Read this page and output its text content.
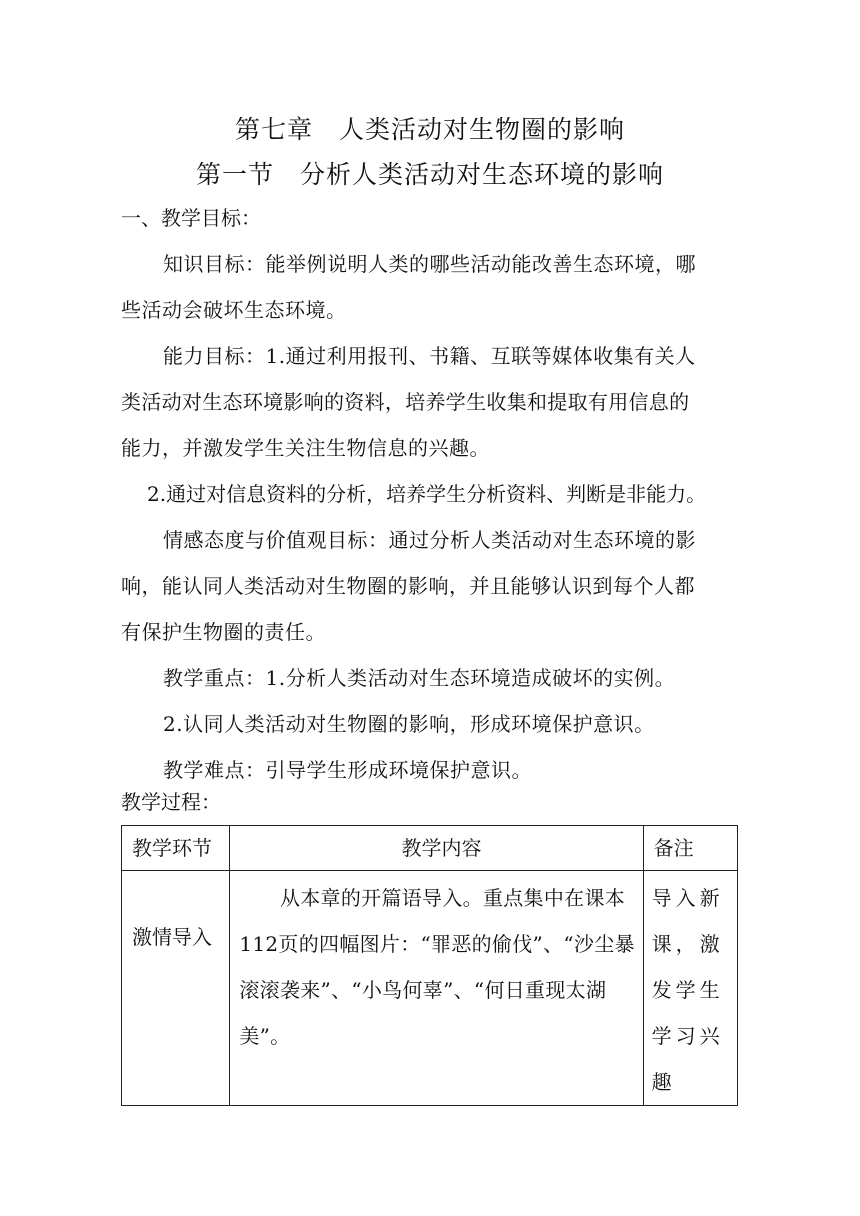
第七章　人类活动对生物圈的影响
第一节　分析人类活动对生态环境的影响
一、教学目标：
知识目标：能举例说明人类的哪些活动能改善生态环境，哪
些活动会破坏生态环境。
能力目标：1.通过利用报刊、书籍、互联等媒体收集有关人
类活动对生态环境影响的资料，培养学生收集和提取有用信息的
能力，并激发学生关注生物信息的兴趣。
2.通过对信息资料的分析，培养学生分析资料、判断是非能力。
情感态度与价值观目标：通过分析人类活动对生态环境的影
响，能认同人类活动对生物圈的影响，并且能够认识到每个人都
有保护生物圈的责任。
教学重点：1.分析人类活动对生态环境造成破坏的实例。
2.认同人类活动对生物圈的影响，形成环境保护意识。
教学难点：引导学生形成环境保护意识。
教学过程：
教学环节	教学内容	备注

激情导入	　　从本章的开篇语导入。重点集中在课本112页的四幅图片：“罪恶的偷伐”、“沙尘暴滚滚袭来”、“小鸟何辜”、“何日重现太湖美”。	导入新课，激发学生学习兴趣
